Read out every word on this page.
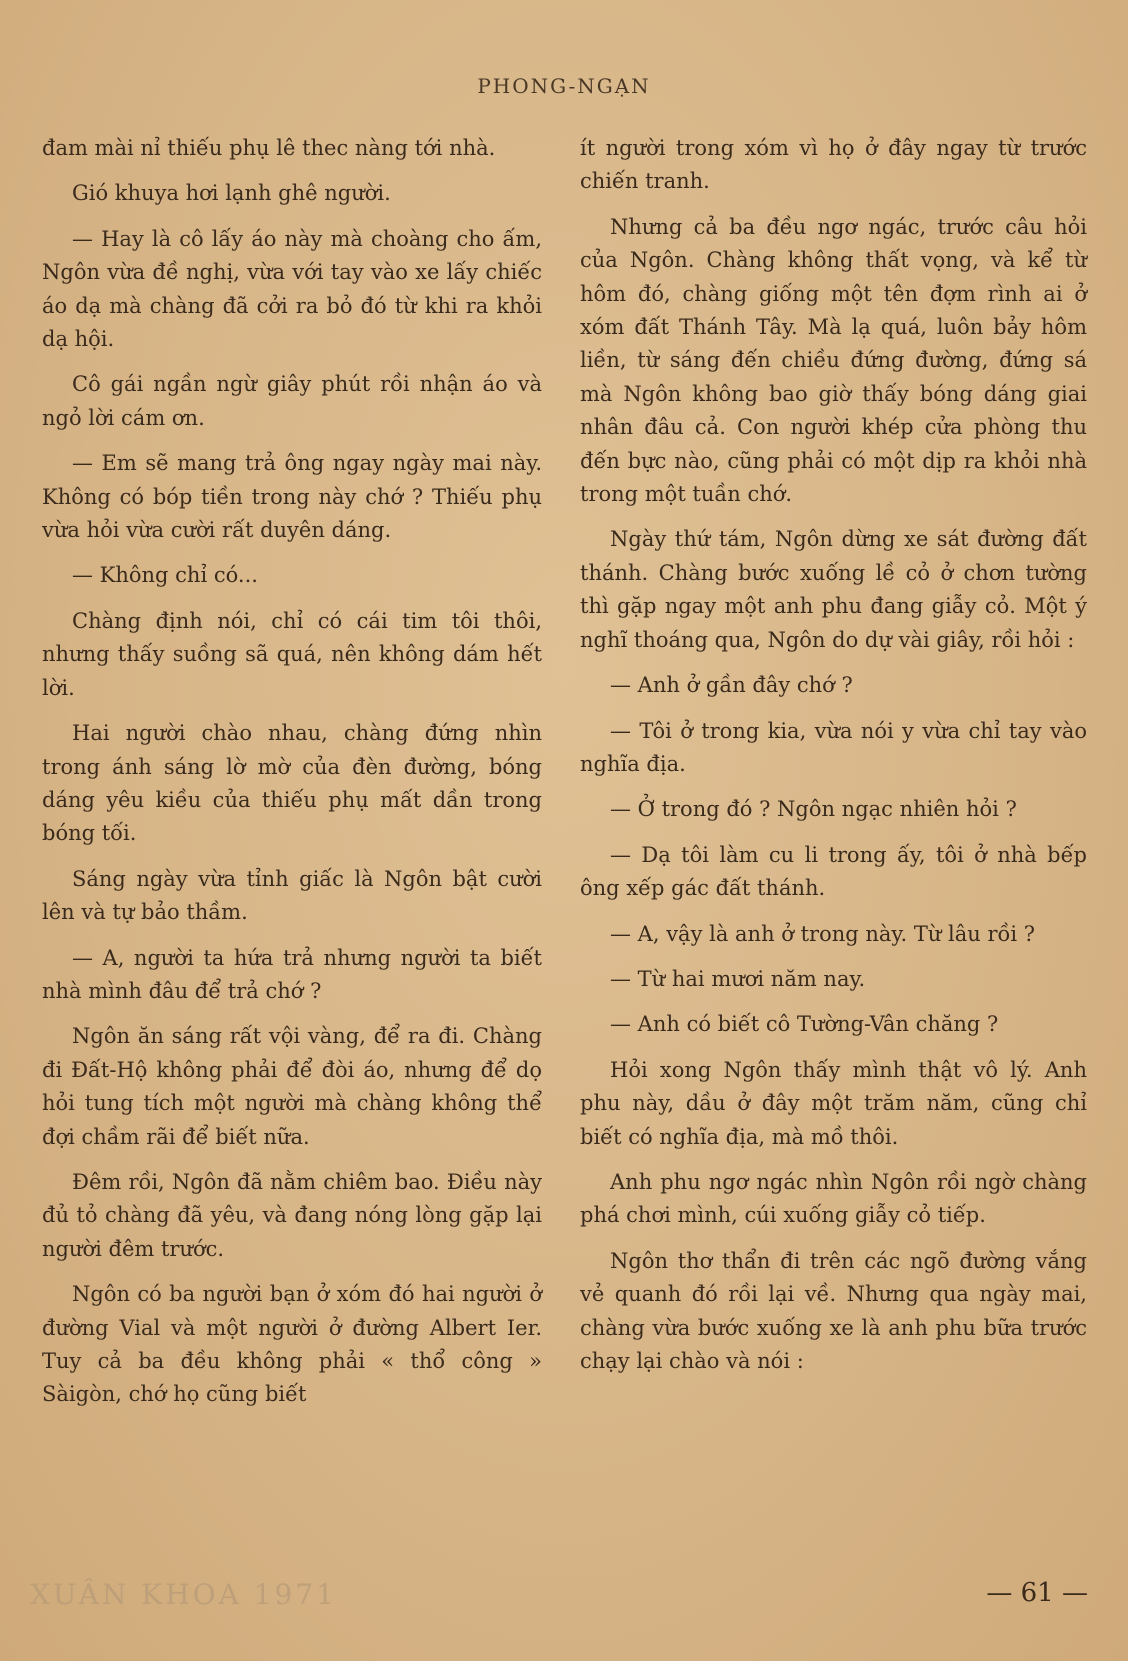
PHONG-NGẠN

đam mài nỉ thiếu phụ lê thec nàng tới nhà.

Gió khuya hơi lạnh ghê người.

— Hay là cô lấy áo này mà choàng cho ấm, Ngôn vừa đề nghị, vừa với tay vào xe lấy chiếc áo dạ mà chàng đã cởi ra bỏ đó từ khi ra khỏi dạ hội.

Cô gái ngần ngừ giây phút rồi nhận áo và ngỏ lời cám ơn.

— Em sẽ mang trả ông ngay ngày mai này. Không có bóp tiền trong này chớ ? Thiếu phụ vừa hỏi vừa cười rất duyên dáng.

— Không chỉ có...

Chàng định nói, chỉ có cái tim tôi thôi, nhưng thấy suồng sã quá, nên không dám hết lời.

Hai người chào nhau, chàng đứng nhìn trong ánh sáng lờ mờ của đèn đường, bóng dáng yêu kiều của thiếu phụ mất dần trong bóng tối.

Sáng ngày vừa tỉnh giấc là Ngôn bật cười lên và tự bảo thầm.

— A, người ta hứa trả nhưng người ta biết nhà mình đâu để trả chớ ?

Ngôn ăn sáng rất vội vàng, để ra đi. Chàng đi Đất-Hộ không phải để đòi áo, nhưng để dọ hỏi tung tích một người mà chàng không thể đợi chầm rãi để biết nữa.

Đêm rồi, Ngôn đã nằm chiêm bao. Điều này đủ tỏ chàng đã yêu, và đang nóng lòng gặp lại người đêm trước.

Ngôn có ba người bạn ở xóm đó hai người ở đường Vial và một người ở đường Albert Ier. Tuy cả ba đều không phải « thổ công » Sàigòn, chớ họ cũng biết

ít người trong xóm vì họ ở đây ngay từ trước chiến tranh.

Nhưng cả ba đều ngơ ngác, trước câu hỏi của Ngôn. Chàng không thất vọng, và kể từ hôm đó, chàng giống một tên đợm rình ai ở xóm đất Thánh Tây. Mà lạ quá, luôn bảy hôm liền, từ sáng đến chiều đứng đường, đứng sá mà Ngôn không bao giờ thấy bóng dáng giai nhân đâu cả. Con người khép cửa phòng thu đến bực nào, cũng phải có một dịp ra khỏi nhà trong một tuần chớ.

Ngày thứ tám, Ngôn dừng xe sát đường đất thánh. Chàng bước xuống lề cỏ ở chơn tường thì gặp ngay một anh phu đang giẫy cỏ. Một ý nghĩ thoáng qua, Ngôn do dự vài giây, rồi hỏi :

— Anh ở gần đây chớ ?

— Tôi ở trong kia, vừa nói y vừa chỉ tay vào nghĩa địa.

— Ở trong đó ? Ngôn ngạc nhiên hỏi ?

— Dạ tôi làm cu li trong ấy, tôi ở nhà bếp ông xếp gác đất thánh.

— A, vậy là anh ở trong này. Từ lâu rồi ?

— Từ hai mươi năm nay.

— Anh có biết cô Tường-Vân chăng ?

Hỏi xong Ngôn thấy mình thật vô lý. Anh phu này, dầu ở đây một trăm năm, cũng chỉ biết có nghĩa địa, mà mồ thôi.

Anh phu ngơ ngác nhìn Ngôn rồi ngờ chàng phá chơi mình, cúi xuống giẫy cỏ tiếp.

Ngôn thơ thẩn đi trên các ngõ đường vắng vẻ quanh đó rồi lại về. Nhưng qua ngày mai, chàng vừa bước xuống xe là anh phu bữa trước chạy lại chào và nói :

XUÂN KHOA 1971	— 61 —
